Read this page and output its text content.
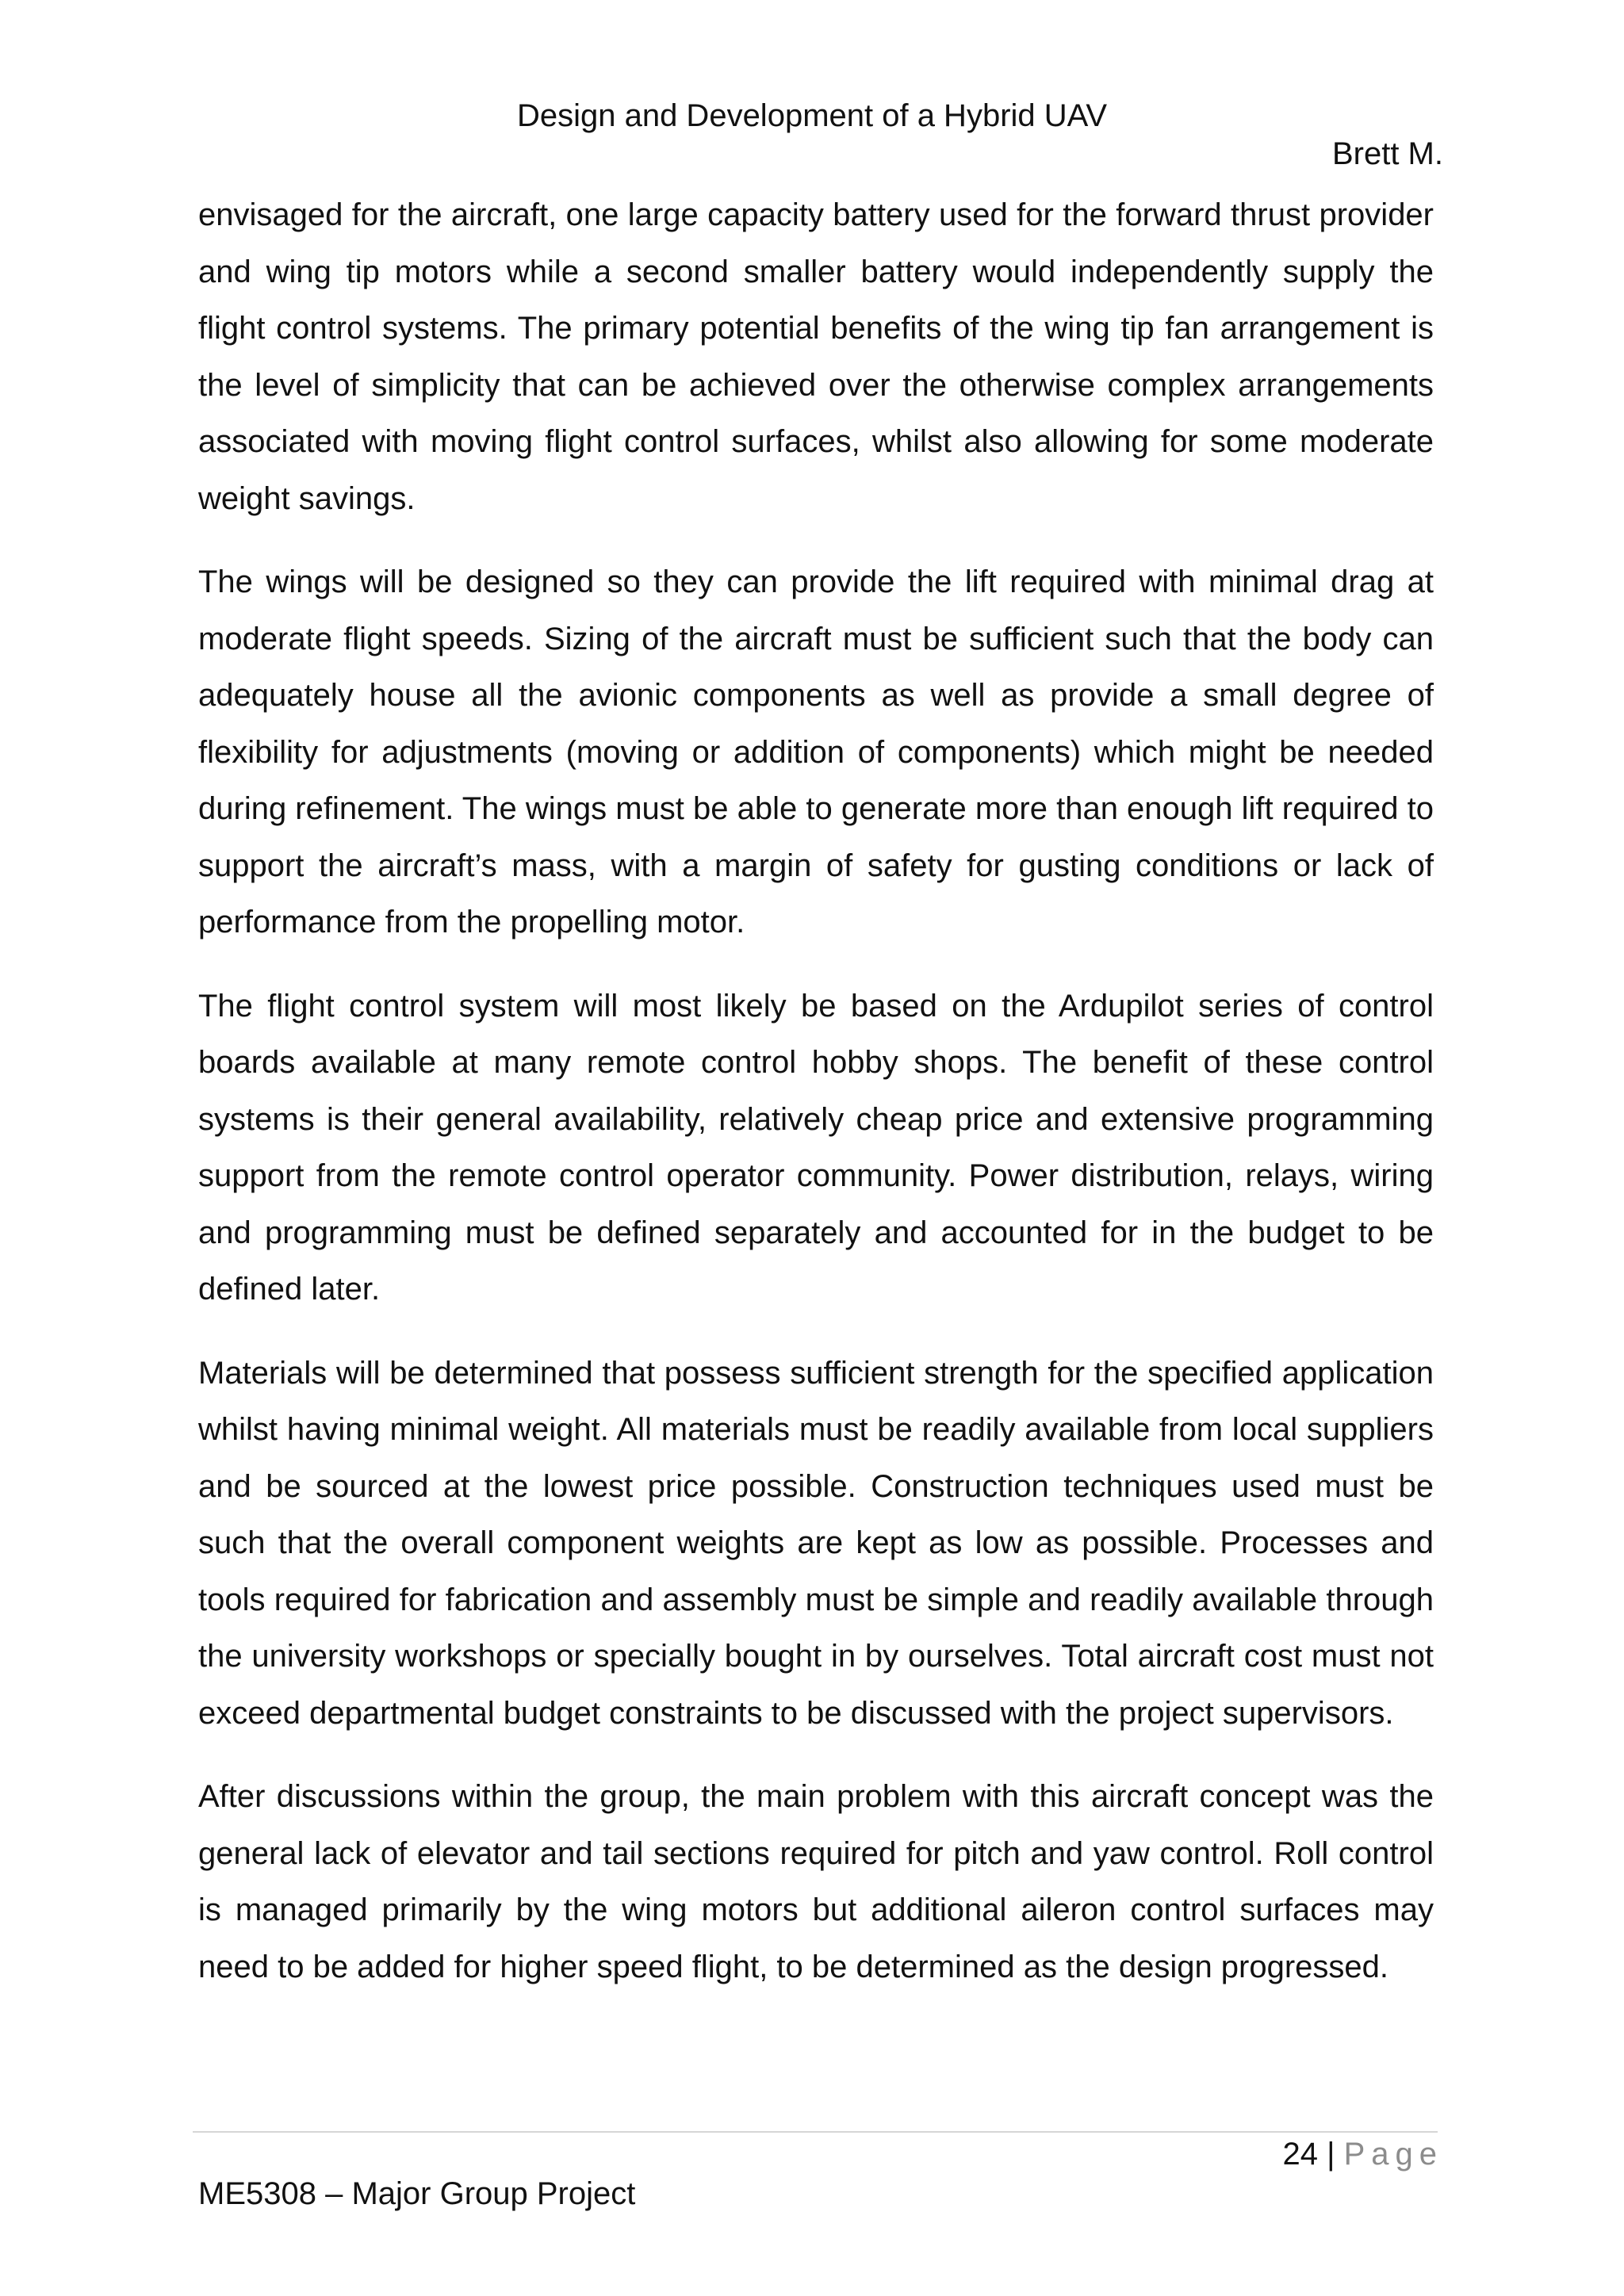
Design and Development of a Hybrid UAV
Brett M.

envisaged for the aircraft, one large capacity battery used for the forward thrust provider and wing tip motors while a second smaller battery would independently supply the flight control systems. The primary potential benefits of the wing tip fan arrangement is the level of simplicity that can be achieved over the otherwise complex arrangements associated with moving flight control surfaces, whilst also allowing for some moderate weight savings.

The wings will be designed so they can provide the lift required with minimal drag at moderate flight speeds. Sizing of the aircraft must be sufficient such that the body can adequately house all the avionic components as well as provide a small degree of flexibility for adjustments (moving or addition of components) which might be needed during refinement. The wings must be able to generate more than enough lift required to support the aircraft’s mass, with a margin of safety for gusting conditions or lack of performance from the propelling motor.

The flight control system will most likely be based on the Ardupilot series of control boards available at many remote control hobby shops. The benefit of these control systems is their general availability, relatively cheap price and extensive programming support from the remote control operator community. Power distribution, relays, wiring and programming must be defined separately and accounted for in the budget to be defined later.

Materials will be determined that possess sufficient strength for the specified application whilst having minimal weight. All materials must be readily available from local suppliers and be sourced at the lowest price possible. Construction techniques used must be such that the overall component weights are kept as low as possible. Processes and tools required for fabrication and assembly must be simple and readily available through the university workshops or specially bought in by ourselves. Total aircraft cost must not exceed departmental budget constraints to be discussed with the project supervisors.

After discussions within the group, the main problem with this aircraft concept was the general lack of elevator and tail sections required for pitch and yaw control. Roll control is managed primarily by the wing motors but additional aileron control surfaces may need to be added for higher speed flight, to be determined as the design progressed.

24 | Page
ME5308 – Major Group Project
